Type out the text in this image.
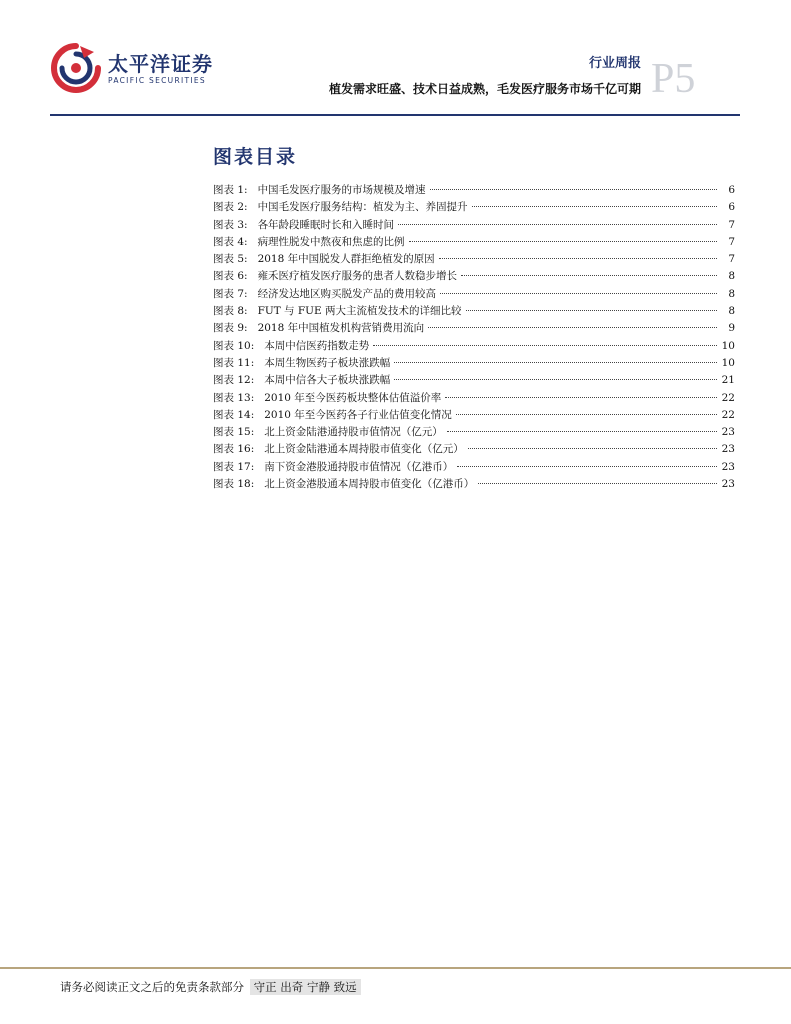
太平洋证券
PACIFIC SECURITIES
行业周报
植发需求旺盛、技术日益成熟，毛发医疗服务市场千亿可期 P5
图表目录
图表 1: 中国毛发医疗服务的市场规模及增速	6
图表 2: 中国毛发医疗服务结构：植发为主、养固提升	6
图表 3: 各年龄段睡眠时长和入睡时间	7
图表 4: 病理性脱发中熬夜和焦虑的比例	7
图表 5: 2018 年中国脱发人群拒绝植发的原因	7
图表 6: 雍禾医疗植发医疗服务的患者人数稳步增长	8
图表 7: 经济发达地区购买脱发产品的费用较高	8
图表 8: FUT 与 FUE 两大主流植发技术的详细比较	8
图表 9: 2018 年中国植发机构营销费用流向	9
图表 10: 本周中信医药指数走势	10
图表 11: 本周生物医药子板块涨跌幅	10
图表 12: 本周中信各大子板块涨跌幅	21
图表 13: 2010 年至今医药板块整体估值溢价率	22
图表 14: 2010 年至今医药各子行业估值变化情况	22
图表 15: 北上资金陆港通持股市值情况（亿元）	23
图表 16: 北上资金陆港通本周持股市值变化（亿元）	23
图表 17: 南下资金港股通持股市值情况（亿港币）	23
图表 18: 北上资金港股通本周持股市值变化（亿港币）	23
请务必阅读正文之后的免责条款部分 守正 出奇 宁静 致远
